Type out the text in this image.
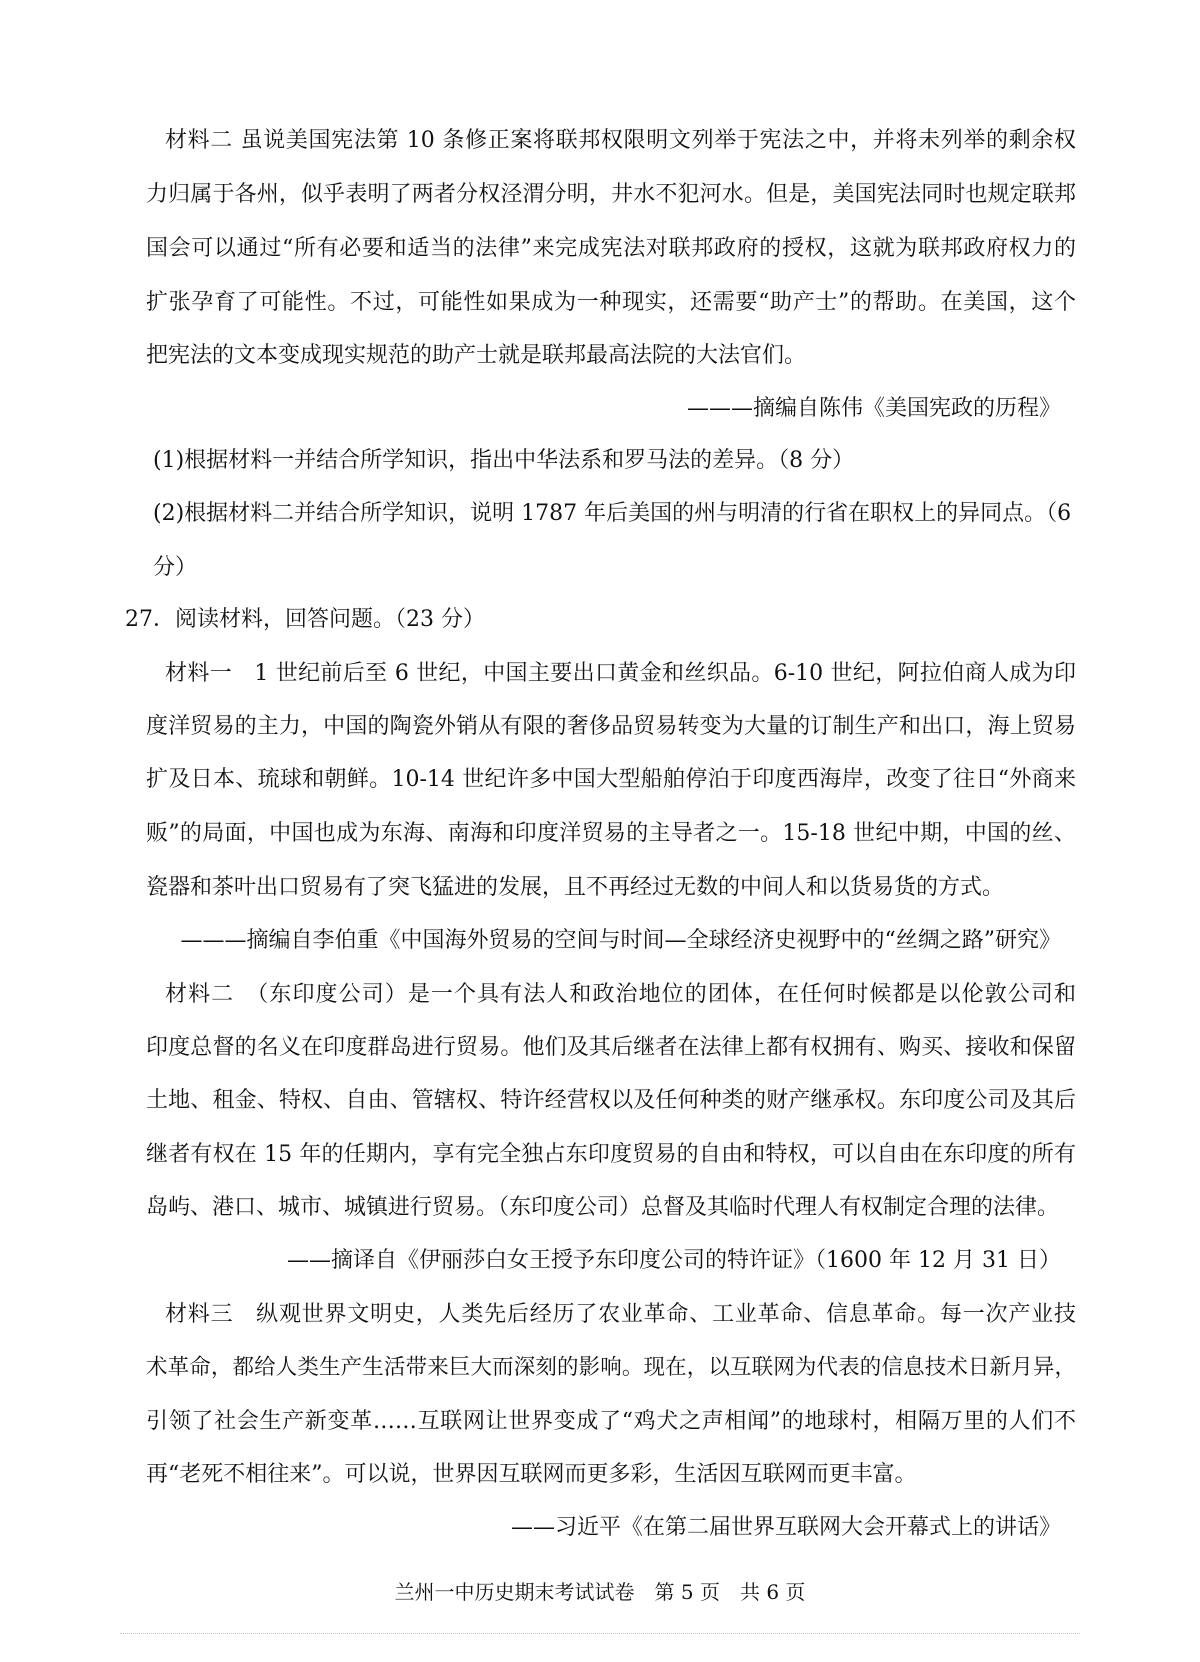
材料二 虽说美国宪法第 10 条修正案将联邦权限明文列举于宪法之中，并将未列举的剩余权
力归属于各州，似乎表明了两者分权泾渭分明，井水不犯河水。但是，美国宪法同时也规定联邦
国会可以通过“所有必要和适当的法律”来完成宪法对联邦政府的授权，这就为联邦政府权力的
扩张孕育了可能性。不过，可能性如果成为一种现实，还需要“助产士”的帮助。在美国，这个
把宪法的文本变成现实规范的助产士就是联邦最高法院的大法官们。
———摘编自陈伟《美国宪政的历程》
(1)根据材料一并结合所学知识，指出中华法系和罗马法的差异。（8 分）
(2)根据材料二并结合所学知识，说明 1787 年后美国的州与明清的行省在职权上的异同点。（6
分）
27．阅读材料，回答问题。（23 分）
材料一　1 世纪前后至 6 世纪，中国主要出口黄金和丝织品。6-10 世纪，阿拉伯商人成为印
度洋贸易的主力，中国的陶瓷外销从有限的奢侈品贸易转变为大量的订制生产和出口，海上贸易
扩及日本、琉球和朝鲜。10-14 世纪许多中国大型船舶停泊于印度西海岸，改变了往日“外商来
贩”的局面，中国也成为东海、南海和印度洋贸易的主导者之一。15-18 世纪中期，中国的丝、
瓷器和茶叶出口贸易有了突飞猛进的发展，且不再经过无数的中间人和以货易货的方式。
———摘编自李伯重《中国海外贸易的空间与时间—全球经济史视野中的“丝绸之路”研究》
材料二　（东印度公司）是一个具有法人和政治地位的团体，在任何时候都是以伦敦公司和
印度总督的名义在印度群岛进行贸易。他们及其后继者在法律上都有权拥有、购买、接收和保留
土地、租金、特权、自由、管辖权、特许经营权以及任何种类的财产继承权。东印度公司及其后
继者有权在 15 年的任期内，享有完全独占东印度贸易的自由和特权，可以自由在东印度的所有
岛屿、港口、城市、城镇进行贸易。（东印度公司）总督及其临时代理人有权制定合理的法律。
——摘译自《伊丽莎白女王授予东印度公司的特许证》（1600 年 12 月 31 日）
材料三　纵观世界文明史，人类先后经历了农业革命、工业革命、信息革命。每一次产业技
术革命，都给人类生产生活带来巨大而深刻的影响。现在，以互联网为代表的信息技术日新月异，
引领了社会生产新变革……互联网让世界变成了“鸡犬之声相闻”的地球村，相隔万里的人们不
再“老死不相往来”。可以说，世界因互联网而更多彩，生活因互联网而更丰富。
——习近平《在第二届世界互联网大会开幕式上的讲话》
兰州一中历史期末考试试卷　第 5 页　共 6 页
